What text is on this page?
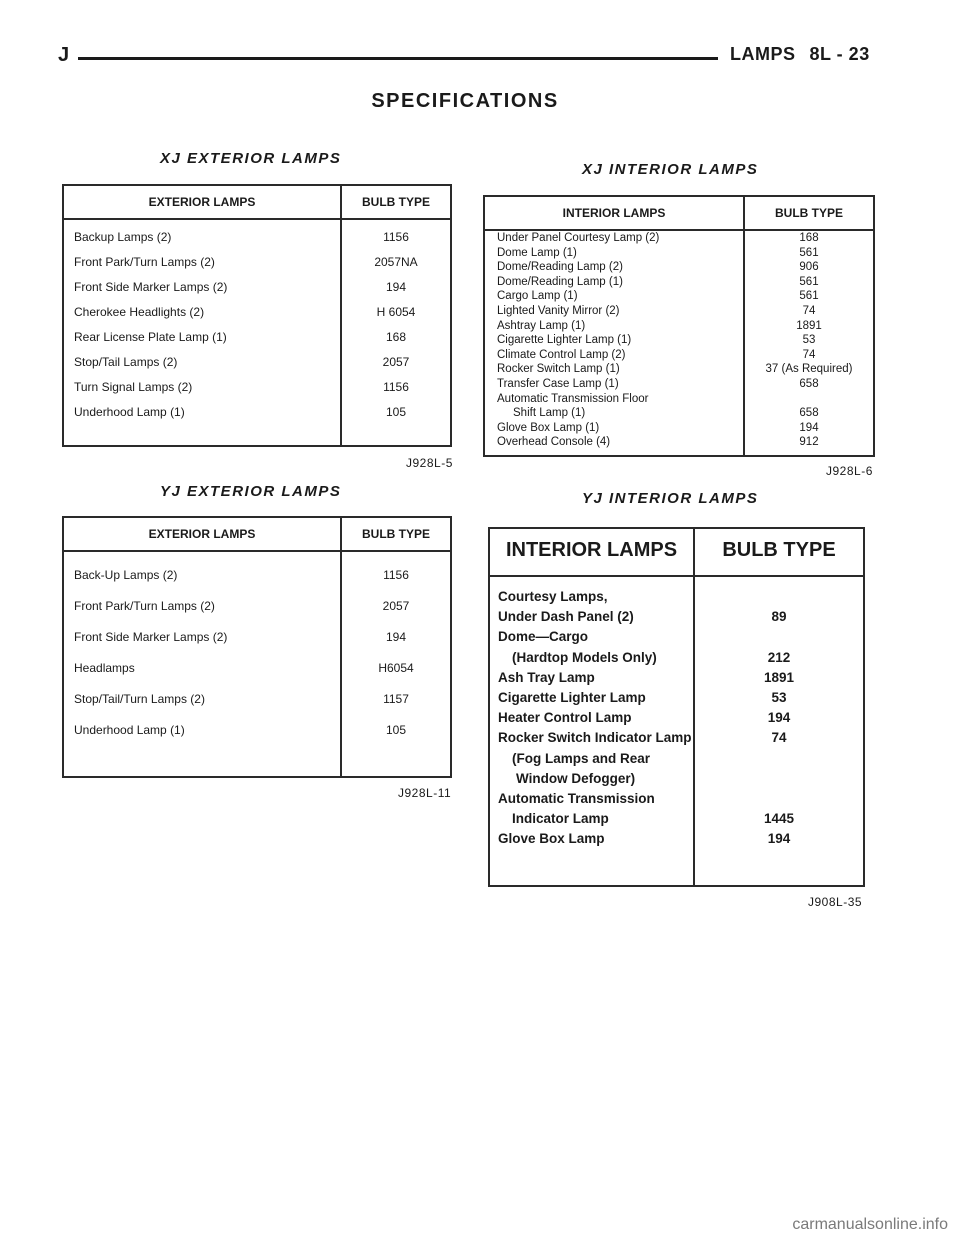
J	LAMPS 8L - 23
SPECIFICATIONS
XJ EXTERIOR LAMPS
EXTERIOR LAMPS	BULB TYPE
Backup Lamps (2)	1156
Front Park/Turn Lamps (2)	2057NA
Front Side Marker Lamps (2)	194
Cherokee Headlights (2)	H 6054
Rear License Plate Lamp (1)	168
Stop/Tail Lamps (2)	2057
Turn Signal Lamps (2)	1156
Underhood Lamp (1)	105
J928L-5
XJ INTERIOR LAMPS
INTERIOR LAMPS	BULB TYPE
Under Panel Courtesy Lamp (2)	168
Dome Lamp (1)	561
Dome/Reading Lamp (2)	906
Dome/Reading Lamp (1)	561
Cargo Lamp (1)	561
Lighted Vanity Mirror (2)	74
Ashtray Lamp (1)	1891
Cigarette Lighter Lamp (1)	53
Climate Control Lamp (2)	74
Rocker Switch Lamp (1)	37 (As Required)
Transfer Case Lamp (1)	658
Automatic Transmission Floor
Shift Lamp (1)	658
Glove Box Lamp (1)	194
Overhead Console (4)	912
J928L-6
YJ EXTERIOR LAMPS
EXTERIOR LAMPS	BULB TYPE
Back-Up Lamps (2)	1156
Front Park/Turn Lamps (2)	2057
Front Side Marker Lamps (2)	194
Headlamps	H6054
Stop/Tail/Turn Lamps (2)	1157
Underhood Lamp (1)	105
J928L-11
YJ INTERIOR LAMPS
INTERIOR LAMPS	BULB TYPE
Courtesy Lamps,
Under Dash Panel (2)	89
Dome—Cargo
(Hardtop Models Only)	212
Ash Tray Lamp	1891
Cigarette Lighter Lamp	53
Heater Control Lamp	194
Rocker Switch Indicator Lamp	74
(Fog Lamps and Rear
Window Defogger)
Automatic Transmission
Indicator Lamp	1445
Glove Box Lamp	194
J908L-35
carmanualsonline.info
